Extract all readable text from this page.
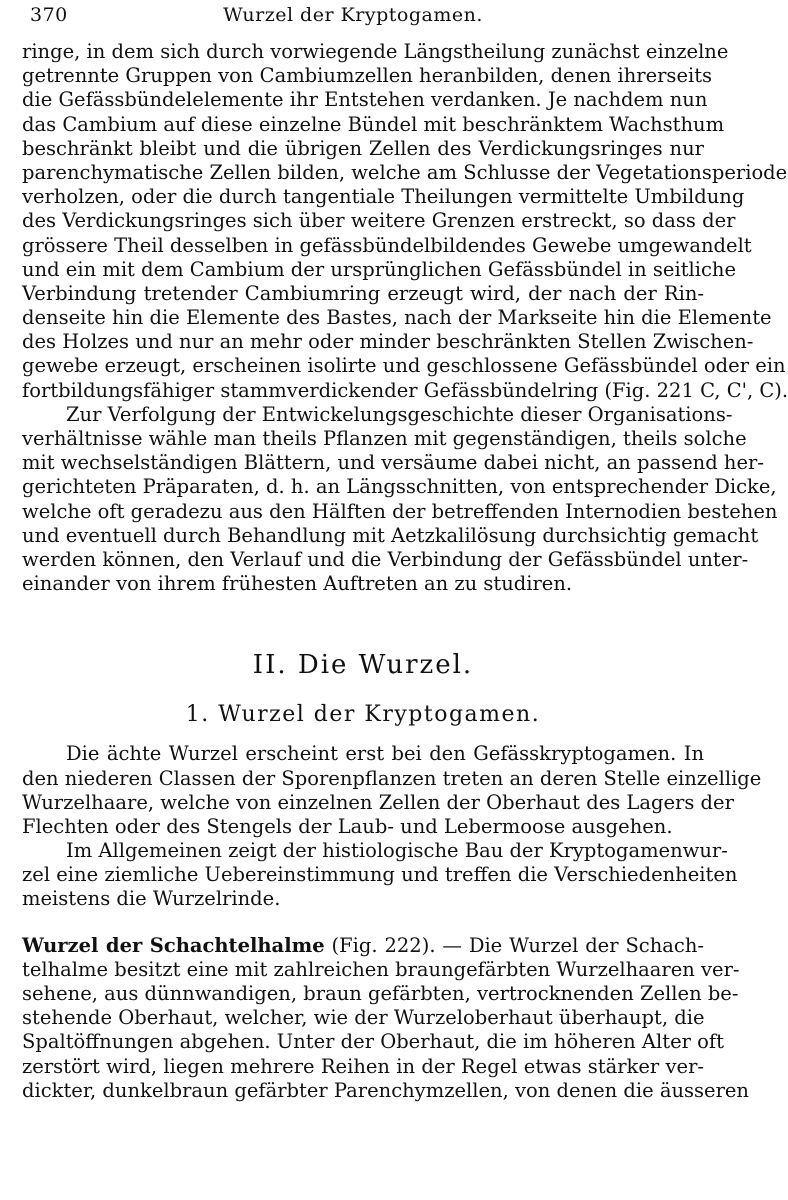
370	Wurzel der Kryptogamen.
ringe, in dem sich durch vorwiegende Längstheilung zunächst einzelne
getrennte Gruppen von Cambiumzellen heranbilden, denen ihrerseits
die Gefässbündelelemente ihr Entstehen verdanken. Je nachdem nun
das Cambium auf diese einzelne Bündel mit beschränktem Wachsthum
beschränkt bleibt und die übrigen Zellen des Verdickungsringes nur
parenchymatische Zellen bilden, welche am Schlusse der Vegetationsperiode
verholzen, oder die durch tangentiale Theilungen vermittelte Umbildung
des Verdickungsringes sich über weitere Grenzen erstreckt, so dass der
grössere Theil desselben in gefässbündelbildendes Gewebe umgewandelt
und ein mit dem Cambium der ursprünglichen Gefässbündel in seitliche
Verbindung tretender Cambiumring erzeugt wird, der nach der Rin-
denseite hin die Elemente des Bastes, nach der Markseite hin die Elemente
des Holzes und nur an mehr oder minder beschränkten Stellen Zwischen-
gewebe erzeugt, erscheinen isolirte und geschlossene Gefässbündel oder ein
fortbildungsfähiger stammverdickender Gefässbündelring (Fig. 221 C, C', C).
Zur Verfolgung der Entwickelungsgeschichte dieser Organisations-
verhältnisse wähle man theils Pflanzen mit gegenständigen, theils solche
mit wechselständigen Blättern, und versäume dabei nicht, an passend her-
gerichteten Präparaten, d. h. an Längsschnitten, von entsprechender Dicke,
welche oft geradezu aus den Hälften der betreffenden Internodien bestehen
und eventuell durch Behandlung mit Aetzkalilösung durchsichtig gemacht
werden können, den Verlauf und die Verbindung der Gefässbündel unter-
einander von ihrem frühesten Auftreten an zu studiren.
II. Die Wurzel.
1. Wurzel der Kryptogamen.
Die ächte Wurzel erscheint erst bei den Gefässkryptogamen. In
den niederen Classen der Sporenpflanzen treten an deren Stelle einzellige
Wurzelhaare, welche von einzelnen Zellen der Oberhaut des Lagers der
Flechten oder des Stengels der Laub- und Lebermoose ausgehen.
Im Allgemeinen zeigt der histiologische Bau der Kryptogamenwur-
zel eine ziemliche Uebereinstimmung und treffen die Verschiedenheiten
meistens die Wurzelrinde.
Wurzel der Schachtelhalme (Fig. 222). — Die Wurzel der Schach-
telhalme besitzt eine mit zahlreichen braungefärbten Wurzelhaaren ver-
sehene, aus dünnwandigen, braun gefärbten, vertrocknenden Zellen be-
stehende Oberhaut, welcher, wie der Wurzeloberhaut überhaupt, die
Spaltöffnungen abgehen. Unter der Oberhaut, die im höheren Alter oft
zerstört wird, liegen mehrere Reihen in der Regel etwas stärker ver-
dickter, dunkelbraun gefärbter Parenchymzellen, von denen die äusseren
